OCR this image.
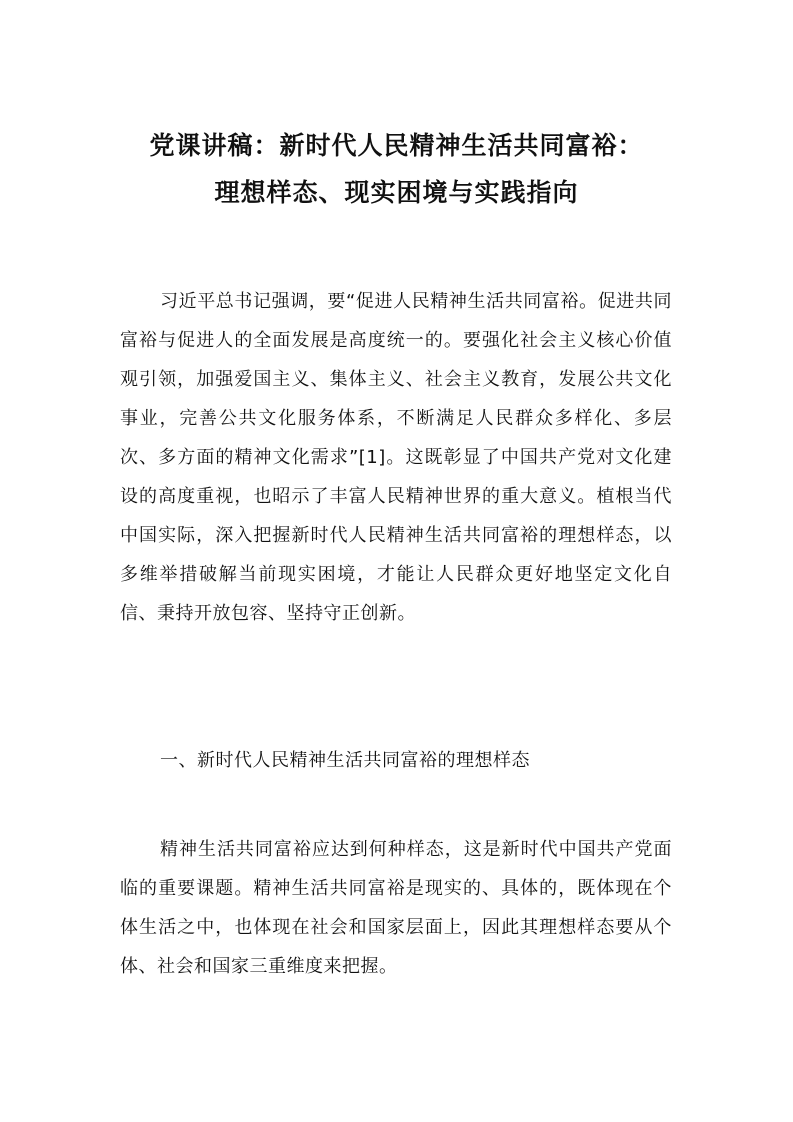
党课讲稿：新时代人民精神生活共同富裕：
理想样态、现实困境与实践指向

习近平总书记强调，要“促进人民精神生活共同富裕。促进共同富裕与促进人的全面发展是高度统一的。要强化社会主义核心价值观引领，加强爱国主义、集体主义、社会主义教育，发展公共文化事业，完善公共文化服务体系，不断满足人民群众多样化、多层次、多方面的精神文化需求”[1]。这既彰显了中国共产党对文化建设的高度重视，也昭示了丰富人民精神世界的重大意义。植根当代中国实际，深入把握新时代人民精神生活共同富裕的理想样态，以多维举措破解当前现实困境，才能让人民群众更好地坚定文化自信、秉持开放包容、坚持守正创新。

一、新时代人民精神生活共同富裕的理想样态

精神生活共同富裕应达到何种样态，这是新时代中国共产党面临的重要课题。精神生活共同富裕是现实的、具体的，既体现在个体生活之中，也体现在社会和国家层面上，因此其理想样态要从个体、社会和国家三重维度来把握。
